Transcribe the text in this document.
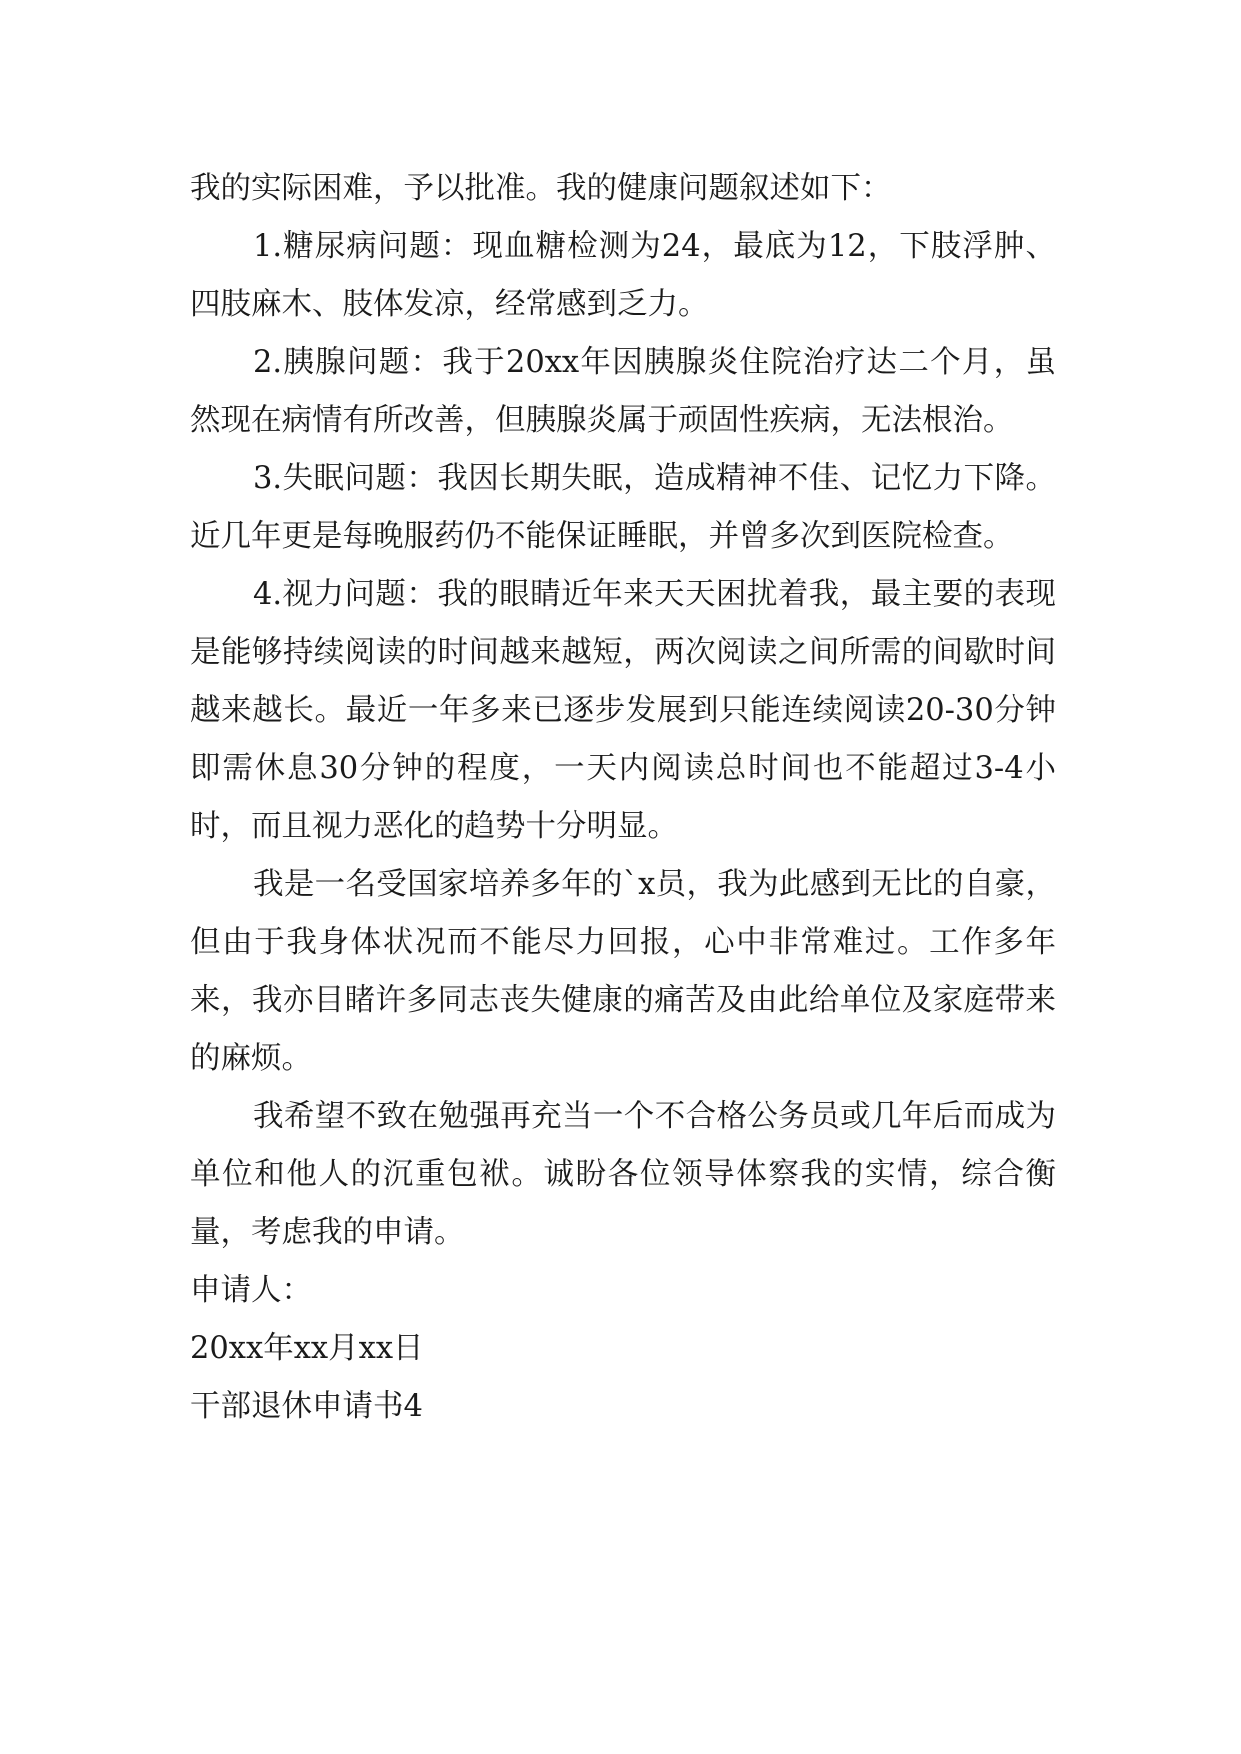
我的实际困难，予以批准。我的健康问题叙述如下：

1.糖尿病问题：现血糖检测为24，最底为12，下肢浮肿、四肢麻木、肢体发凉，经常感到乏力。

2.胰腺问题：我于20xx年因胰腺炎住院治疗达二个月，虽然现在病情有所改善，但胰腺炎属于顽固性疾病，无法根治。

3.失眠问题：我因长期失眠，造成精神不佳、记忆力下降。近几年更是每晚服药仍不能保证睡眠，并曾多次到医院检查。

4.视力问题：我的眼睛近年来天天困扰着我，最主要的表现是能够持续阅读的时间越来越短，两次阅读之间所需的间歇时间越来越长。最近一年多来已逐步发展到只能连续阅读20-30分钟即需休息30分钟的程度，一天内阅读总时间也不能超过3-4小时，而且视力恶化的趋势十分明显。

我是一名受国家培养多年的`x员，我为此感到无比的自豪，但由于我身体状况而不能尽力回报，心中非常难过。工作多年来，我亦目睹许多同志丧失健康的痛苦及由此给单位及家庭带来的麻烦。

我希望不致在勉强再充当一个不合格公务员或几年后而成为单位和他人的沉重包袱。诚盼各位领导体察我的实情，综合衡量，考虑我的申请。

申请人：

20xx年xx月xx日

干部退休申请书4
